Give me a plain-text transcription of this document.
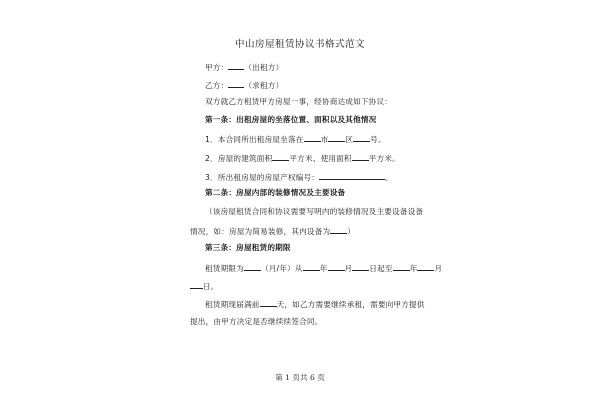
中山房屋租赁协议书格式范文
甲方： （出租方）
乙方： （求租方）
双方就乙方租赁甲方房屋一事，经协商达成如下协议：
第一条：出租房屋的坐落位置、面积以及其他情况
1．本合同所出租房屋坐落在 市 区 号。
2．房屋的建筑面积 平方米、使用面积 平方米。
3．所出租房屋的房屋产权编号：	。
第二条：房屋内部的装修情况及主要设备
（该房屋租赁合同和协议需要写明内的装修情况及主要设备设备
情况，如：房屋为简易装修，其内设备为 ）
第三条：房屋租赁的期限
租赁期限为 （月/年）从 年 月 日起至 年 月
日。
租赁期现届满前 天，如乙方需要继续承租，需要向甲方提供
提出，由甲方决定是否继续续签合同。
第 1 页共 6 页
